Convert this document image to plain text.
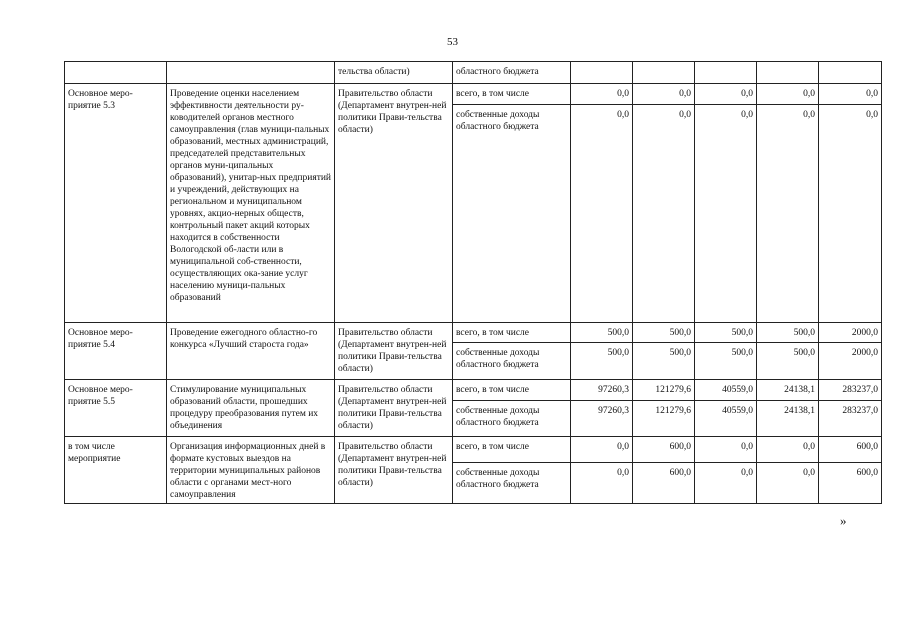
53
		тельства области)	областного бюджета					
Основное меро-приятие 5.3	Проведение оценки населением эффективности деятельности ру-ководителей органов местного самоуправления (глав муници-пальных образований, местных администраций, председателей представительных органов муни-ципальных образований), унитар-ных предприятий и учреждений, действующих на региональном и муниципальном уровнях, акцио-нерных обществ, контрольный пакет акций которых находится в собственности Вологодской об-ласти или в муниципальной соб-ственности, осуществляющих ока-зание услуг населению муници-пальных образований	Правительство области (Департамент внутрен-ней политики Прави-тельства области)	всего, в том числе	0,0	0,0	0,0	0,0	0,0
			собственные доходы областного бюджета	0,0	0,0	0,0	0,0	0,0
Основное меро-приятие 5.4	Проведение ежегодного областно-го конкурса «Лучший староста года»	Правительство области (Департамент внутрен-ней политики Прави-тельства области)	всего, в том числе	500,0	500,0	500,0	500,0	2000,0
			собственные доходы областного бюджета	500,0	500,0	500,0	500,0	2000,0
Основное меро-приятие 5.5	Стимулирование муниципальных образований области, прошедших процедуру преобразования путем их объединения	Правительство области (Департамент внутрен-ней политики Прави-тельства области)	всего, в том числе	97260,3	121279,6	40559,0	24138,1	283237,0
			собственные доходы областного бюджета	97260,3	121279,6	40559,0	24138,1	283237,0
в том числе мероприятие	Организация информационных дней в формате кустовых выездов на территории муниципальных районов области с органами мест-ного самоуправления	Правительство области (Департамент внутрен-ней политики Прави-тельства области)	всего, в том числе	0,0	600,0	0,0	0,0	600,0
			собственные доходы областного бюджета	0,0	600,0	0,0	0,0	600,0
»
